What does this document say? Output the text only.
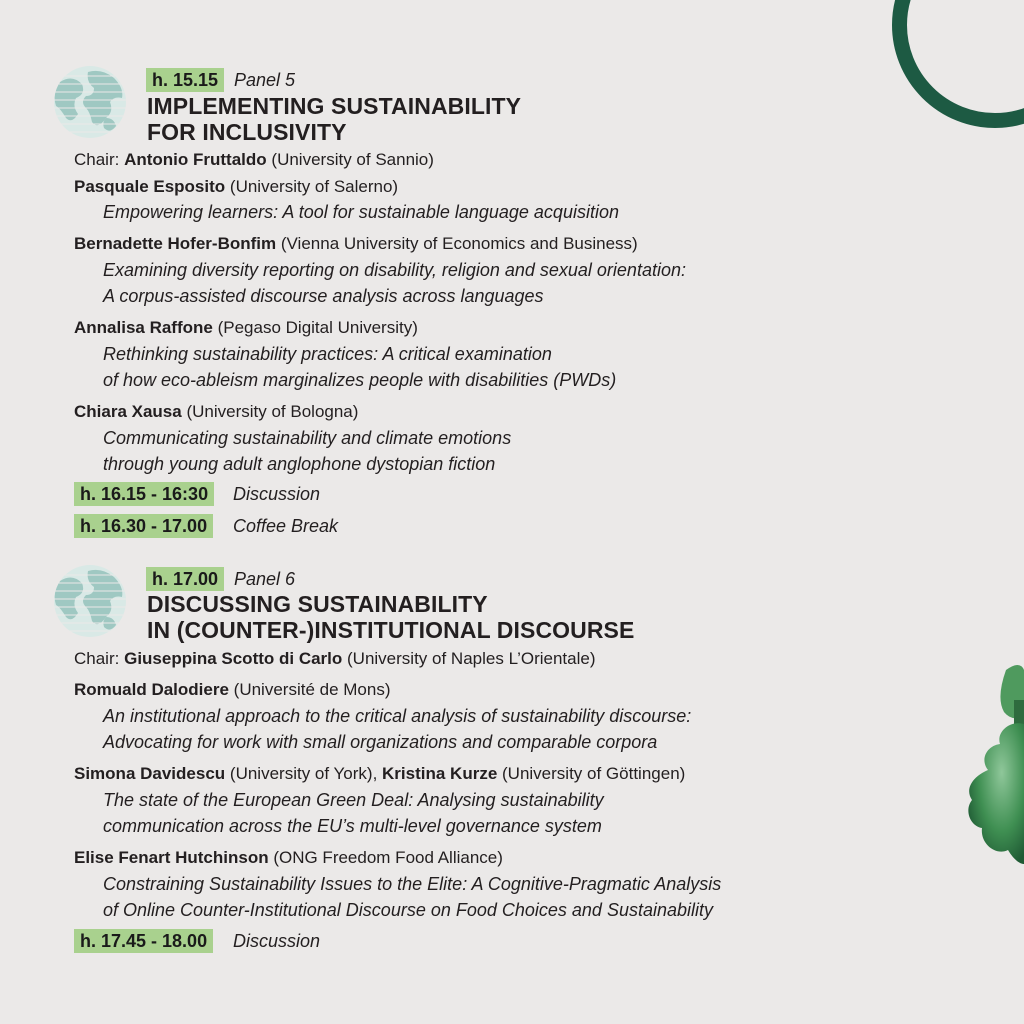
h. 15.15 Panel 5
IMPLEMENTING SUSTAINABILITY
FOR INCLUSIVITY
Chair: Antonio Fruttaldo (University of Sannio)
Pasquale Esposito (University of Salerno)
Empowering learners: A tool for sustainable language acquisition
Bernadette Hofer-Bonfim (Vienna University of Economics and Business)
Examining diversity reporting on disability, religion and sexual orientation:
A corpus-assisted discourse analysis across languages
Annalisa Raffone (Pegaso Digital University)
Rethinking sustainability practices: A critical examination
of how eco-ableism marginalizes people with disabilities (PWDs)
Chiara Xausa (University of Bologna)
Communicating sustainability and climate emotions
through young adult anglophone dystopian fiction
h. 16.15 - 16:30	Discussion
h. 16.30 - 17.00	Coffee Break
h. 17.00 Panel 6
DISCUSSING SUSTAINABILITY
IN (COUNTER-)INSTITUTIONAL DISCOURSE
Chair: Giuseppina Scotto di Carlo (University of Naples L’Orientale)
Romuald Dalodiere (Université de Mons)
An institutional approach to the critical analysis of sustainability discourse:
Advocating for work with small organizations and comparable corpora
Simona Davidescu (University of York), Kristina Kurze (University of Göttingen)
The state of the European Green Deal: Analysing sustainability
communication across the EU’s multi-level governance system
Elise Fenart Hutchinson (ONG Freedom Food Alliance)
Constraining Sustainability Issues to the Elite: A Cognitive-Pragmatic Analysis
of Online Counter-Institutional Discourse on Food Choices and Sustainability
h. 17.45 - 18.00	Discussion
